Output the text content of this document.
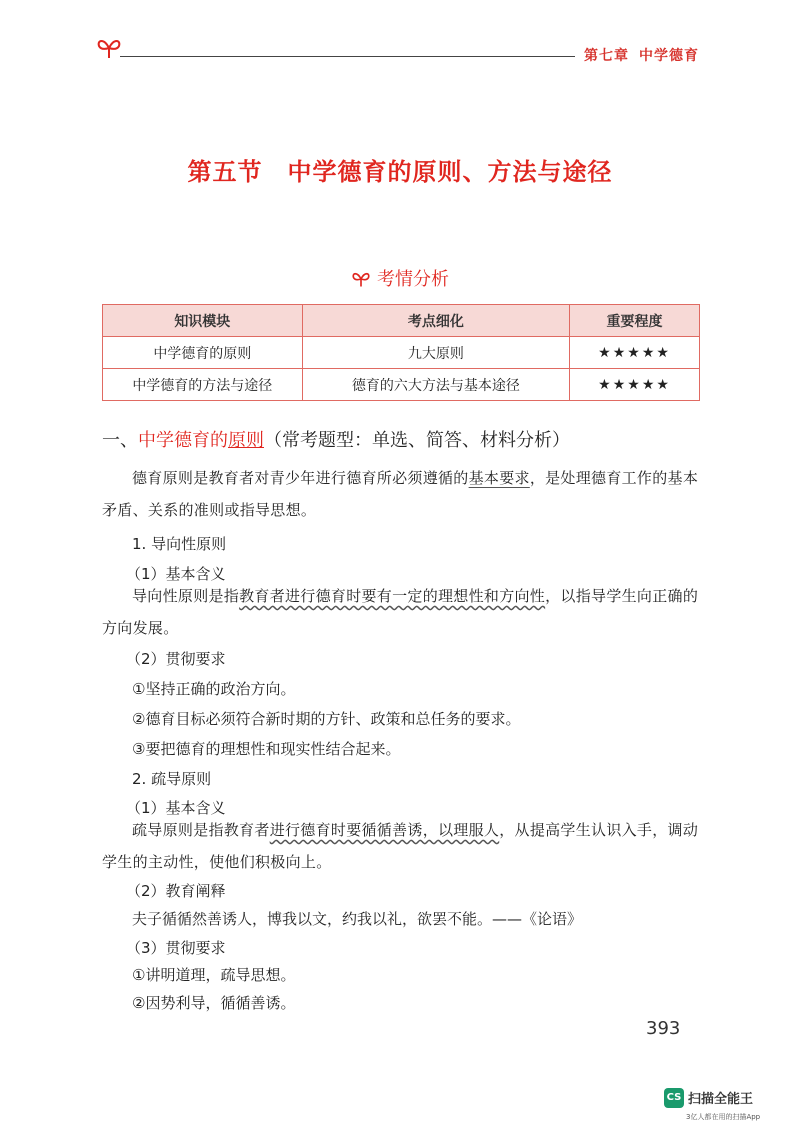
第七章 中学德育
第五节　中学德育的原则、方法与途径
考情分析
知识模块	考点细化	重要程度
中学德育的原则	九大原则	★★★★★
中学德育的方法与途径	德育的六大方法与基本途径	★★★★★
一、中学德育的原则（常考题型：单选、简答、材料分析）
德育原则是教育者对青少年进行德育所必须遵循的基本要求，是处理德育工作的基本矛盾、关系的准则或指导思想。
1. 导向性原则
（1）基本含义
导向性原则是指教育者进行德育时要有一定的理想性和方向性，以指导学生向正确的方向发展。
（2）贯彻要求
①坚持正确的政治方向。
②德育目标必须符合新时期的方针、政策和总任务的要求。
③要把德育的理想性和现实性结合起来。
2. 疏导原则
（1）基本含义
疏导原则是指教育者进行德育时要循循善诱，以理服人，从提高学生认识入手，调动学生的主动性，使他们积极向上。
（2）教育阐释
夫子循循然善诱人，博我以文，约我以礼，欲罢不能。——《论语》
（3）贯彻要求
①讲明道理，疏导思想。
②因势利导，循循善诱。
393
CS 扫描全能王
3亿人都在用的扫描App
